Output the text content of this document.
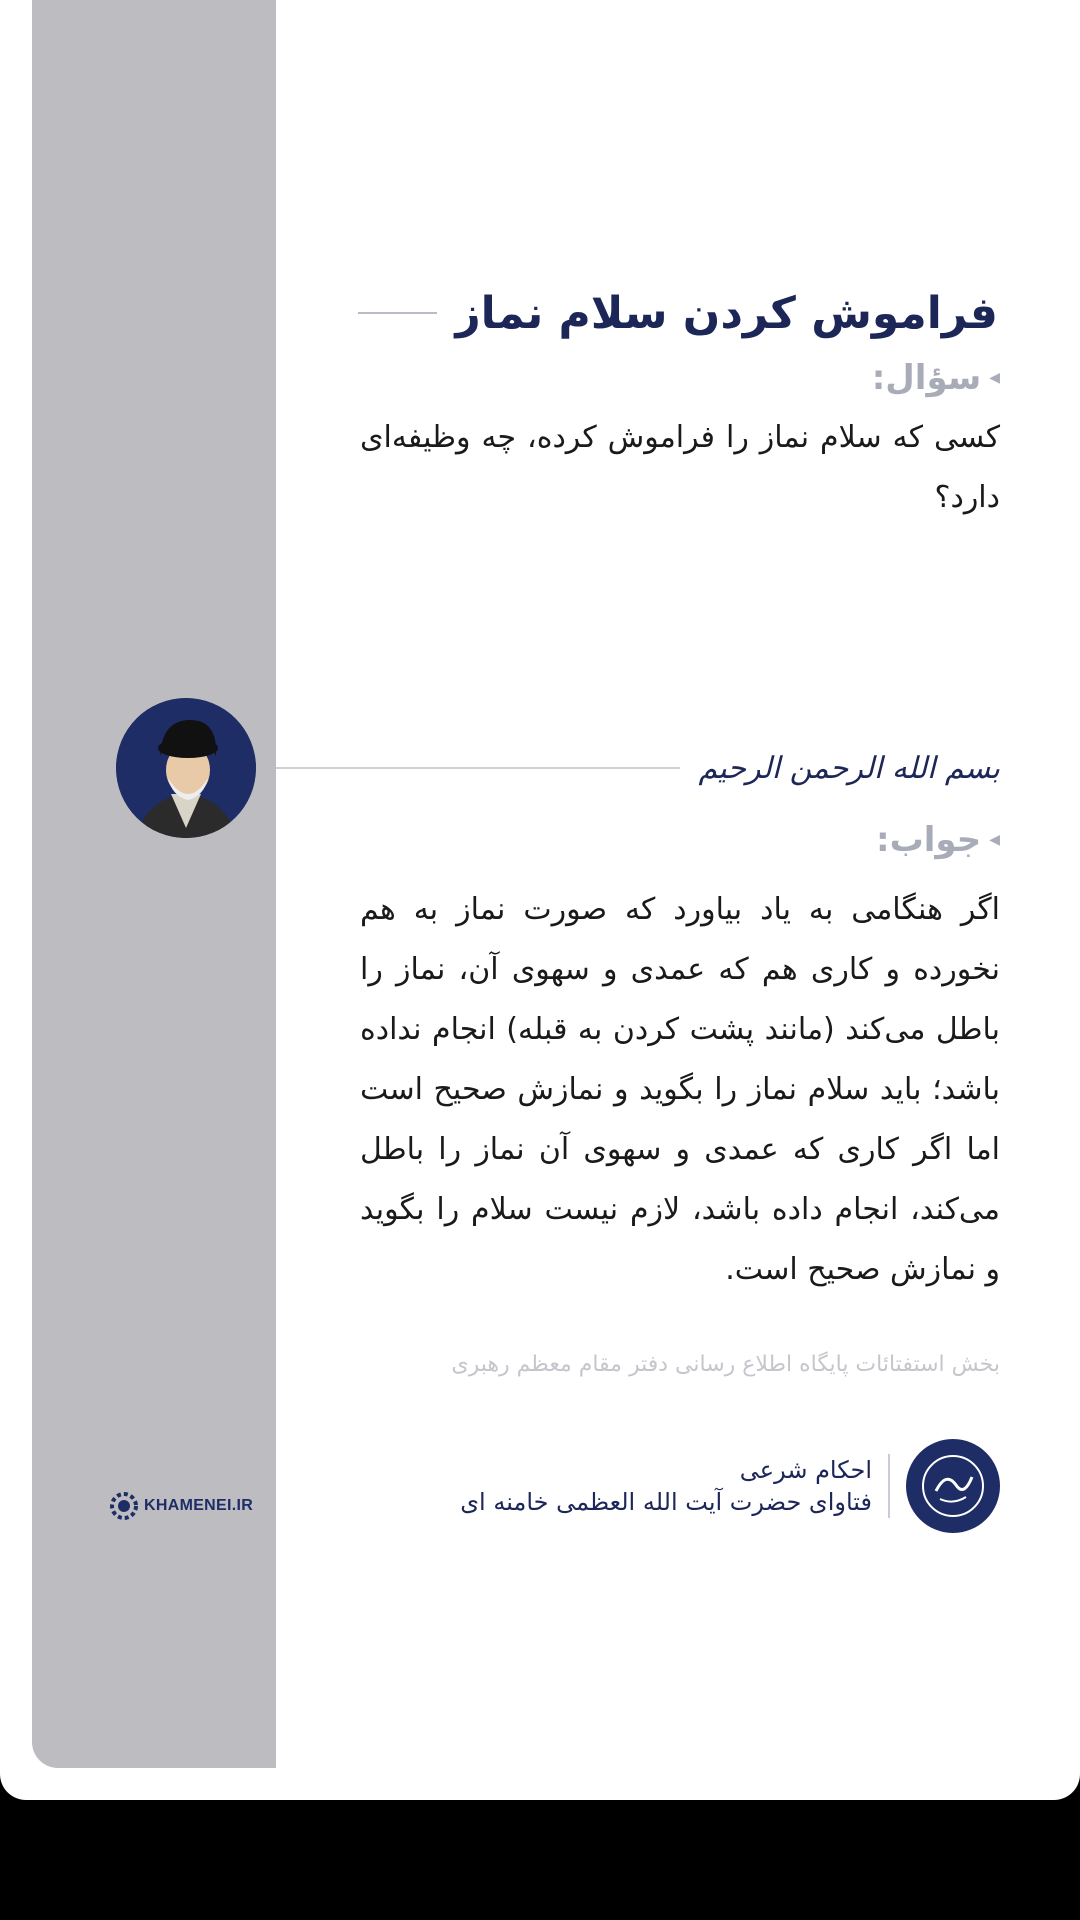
KHAMENEI.IR
فراموش کردن سلام نماز
◀
سؤال:
کسی که سلام نماز را فراموش کرده، چه وظیفه‌ای دارد؟
بسم الله الرحمن الرحیم
◀
جواب:
اگر هنگامی به یاد بیاورد که صورت نماز به هم نخورده و کاری هم که عمدی و سهوی آن، نماز را باطل می‌کند (مانند پشت کردن به قبله) انجام نداده باشد؛ باید سلام نماز را بگوید و نمازش صحیح است اما اگر کاری که عمدی و سهوی آن نماز را باطل می‌کند، انجام داده باشد، لازم نیست سلام را بگوید و نمازش صحیح است.
بخش استفتائات پایگاه اطلاع رسانی دفتر مقام معظم رهبری
احکام شرعی
فتاوای حضرت آیت الله العظمی خامنه ای
